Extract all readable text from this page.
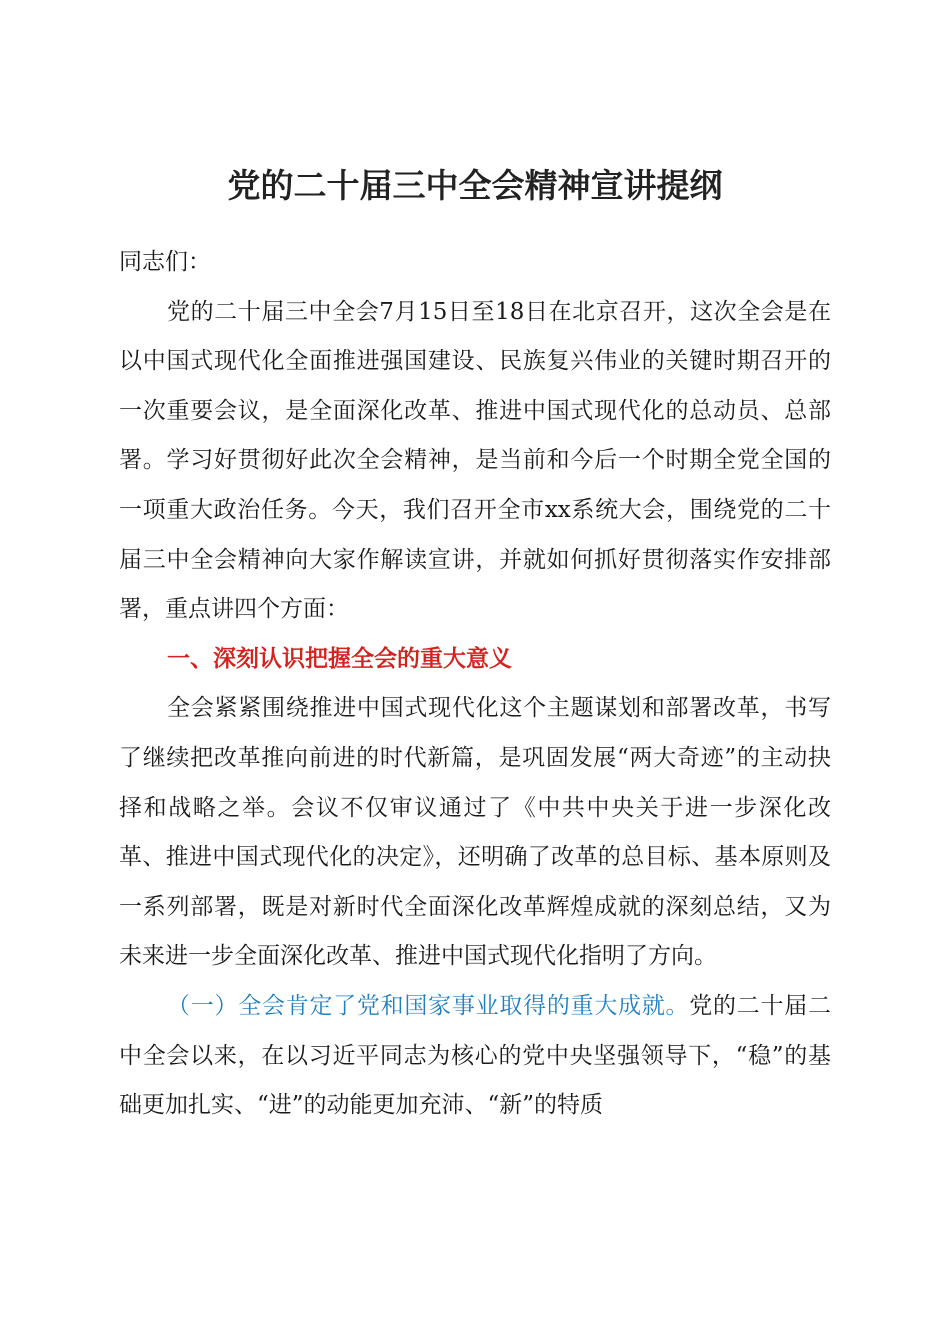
党的二十届三中全会精神宣讲提纲

同志们：

党的二十届三中全会7月15日至18日在北京召开，这次全会是在以中国式现代化全面推进强国建设、民族复兴伟业的关键时期召开的一次重要会议，是全面深化改革、推进中国式现代化的总动员、总部署。学习好贯彻好此次全会精神，是当前和今后一个时期全党全国的一项重大政治任务。今天，我们召开全市xx系统大会，围绕党的二十届三中全会精神向大家作解读宣讲，并就如何抓好贯彻落实作安排部署，重点讲四个方面：

一、深刻认识把握全会的重大意义

全会紧紧围绕推进中国式现代化这个主题谋划和部署改革，书写了继续把改革推向前进的时代新篇，是巩固发展“两大奇迹”的主动抉择和战略之举。会议不仅审议通过了《中共中央关于进一步深化改革、推进中国式现代化的决定》，还明确了改革的总目标、基本原则及一系列部署，既是对新时代全面深化改革辉煌成就的深刻总结，又为未来进一步全面深化改革、推进中国式现代化指明了方向。

（一）全会肯定了党和国家事业取得的重大成就。党的二十届二中全会以来，在以习近平同志为核心的党中央坚强领导下，“稳”的基础更加扎实、“进”的动能更加充沛、“新”的特质
